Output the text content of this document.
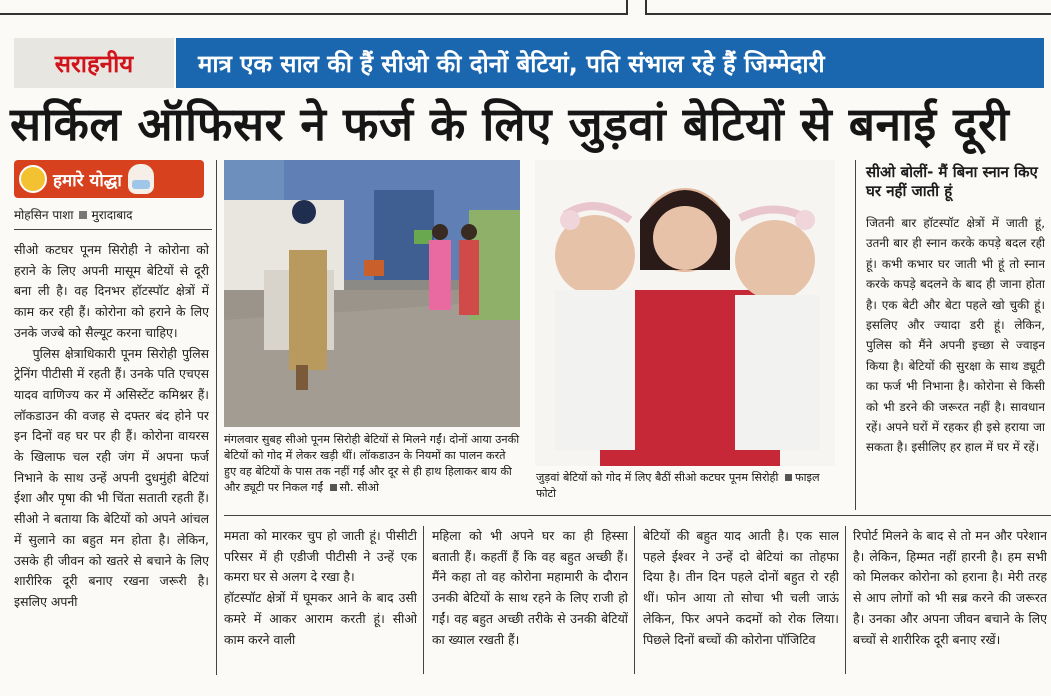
सराहनीय	मात्र एक साल की हैं सीओ की दोनों बेटियां, पति संभाल रहे हैं जिम्मेदारी
सर्किल ऑफिसर ने फर्ज के लिए जुड़वां बेटियों से बनाई दूरी
हमारे योद्धा
मोहसिन पाशा मुरादाबाद

सीओ कटघर पूनम सिरोही ने कोरोना को हराने के लिए अपनी मासूम बेटियों से दूरी बना ली है। वह दिनभर हॉटस्पॉट क्षेत्रों में काम कर रही हैं। कोरोना को हराने के लिए उनके जज्बे को सैल्यूट करना चाहिए।

पुलिस क्षेत्राधिकारी पूनम सिरोही पुलिस ट्रेनिंग पीटीसी में रहती हैं। उनके पति एचएस यादव वाणिज्य कर में असिस्टेंट कमिश्नर हैं। लॉकडाउन की वजह से दफ्तर बंद होने पर इन दिनों वह घर पर ही हैं। कोरोना वायरस के खिलाफ चल रही जंग में अपना फर्ज निभाने के साथ उन्हें अपनी दुधमुंही बेटियां ईशा और पृषा की भी चिंता सताती रहती हैं। सीओ ने बताया कि बेटियों को अपने आंचल में सुलाने का बहुत मन होता है। लेकिन, उसके ही जीवन को खतरे से बचाने के लिए शारीरिक दूरी बनाए रखना जरूरी है। इसलिए अपनी

मंगलवार सुबह सीओ पूनम सिरोही बेटियों से मिलने गईं। दोनों आया उनकी बेटियों को गोद में लेकर खड़ी थीं। लॉकडाउन के नियमों का पालन करते हुए वह बेटियों के पास तक नहीं गईं और दूर से ही हाथ हिलाकर बाय की और ड्यूटी पर निकल गईं सौ. सीओ

जुड़वां बेटियों को गोद में लिए बैठीं सीओ कटघर पूनम सिरोही फाइल फोटो

सीओ बोलीं- मैं बिना स्नान किए घर नहीं जाती हूं

जितनी बार हॉटस्पॉट क्षेत्रों में जाती हूं, उतनी बार ही स्नान करके कपड़े बदल रही हूं। कभी कभार घर जाती भी हूं तो स्नान करके कपड़े बदलने के बाद ही जाना होता है। एक बेटी और बेटा पहले खो चुकी हूं। इसलिए और ज्यादा डरी हूं। लेकिन, पुलिस को मैंने अपनी इच्छा से ज्वाइन किया है। बेटियों की सुरक्षा के साथ ड्यूटी का फर्ज भी निभाना है। कोरोना से किसी को भी डरने की जरूरत नहीं है। सावधान रहें। अपने घरों में रहकर ही इसे हराया जा सकता है। इसीलिए हर हाल में घर में रहें।

ममता को मारकर चुप हो जाती हूं। पीसीटी परिसर में ही एडीजी पीटीसी ने उन्हें एक कमरा घर से अलग दे रखा है।
हॉटस्पॉट क्षेत्रों में घूमकर आने के बाद उसी कमरे में आकर आराम करती हूं। सीओ काम करने वाली

महिला को भी अपने घर का ही हिस्सा बताती हैं। कहतीं हैं कि वह बहुत अच्छी हैं। मैंने कहा तो वह कोरोना महामारी के दौरान उनकी बेटियों के साथ रहने के लिए राजी हो गईं। वह बहुत अच्छी तरीके से उनकी बेटियों का ख्याल रखती हैं।

बेटियों की बहुत याद आती है। एक साल पहले ईश्वर ने उन्हें दो बेटियां का तोहफा दिया है। तीन दिन पहले दोनों बहुत रो रही थीं। फोन आया तो सोचा भी चली जाऊं लेकिन, फिर अपने कदमों को रोक लिया। पिछले दिनों बच्चों की कोरोना पॉजिटिव

रिपोर्ट मिलने के बाद से तो मन और परेशान है। लेकिन, हिम्मत नहीं हारनी है। हम सभी को मिलकर कोरोना को हराना है। मेरी तरह से आप लोगों को भी सब्र करने की जरूरत है। उनका और अपना जीवन बचाने के लिए बच्चों से शारीरिक दूरी बनाए रखें।
